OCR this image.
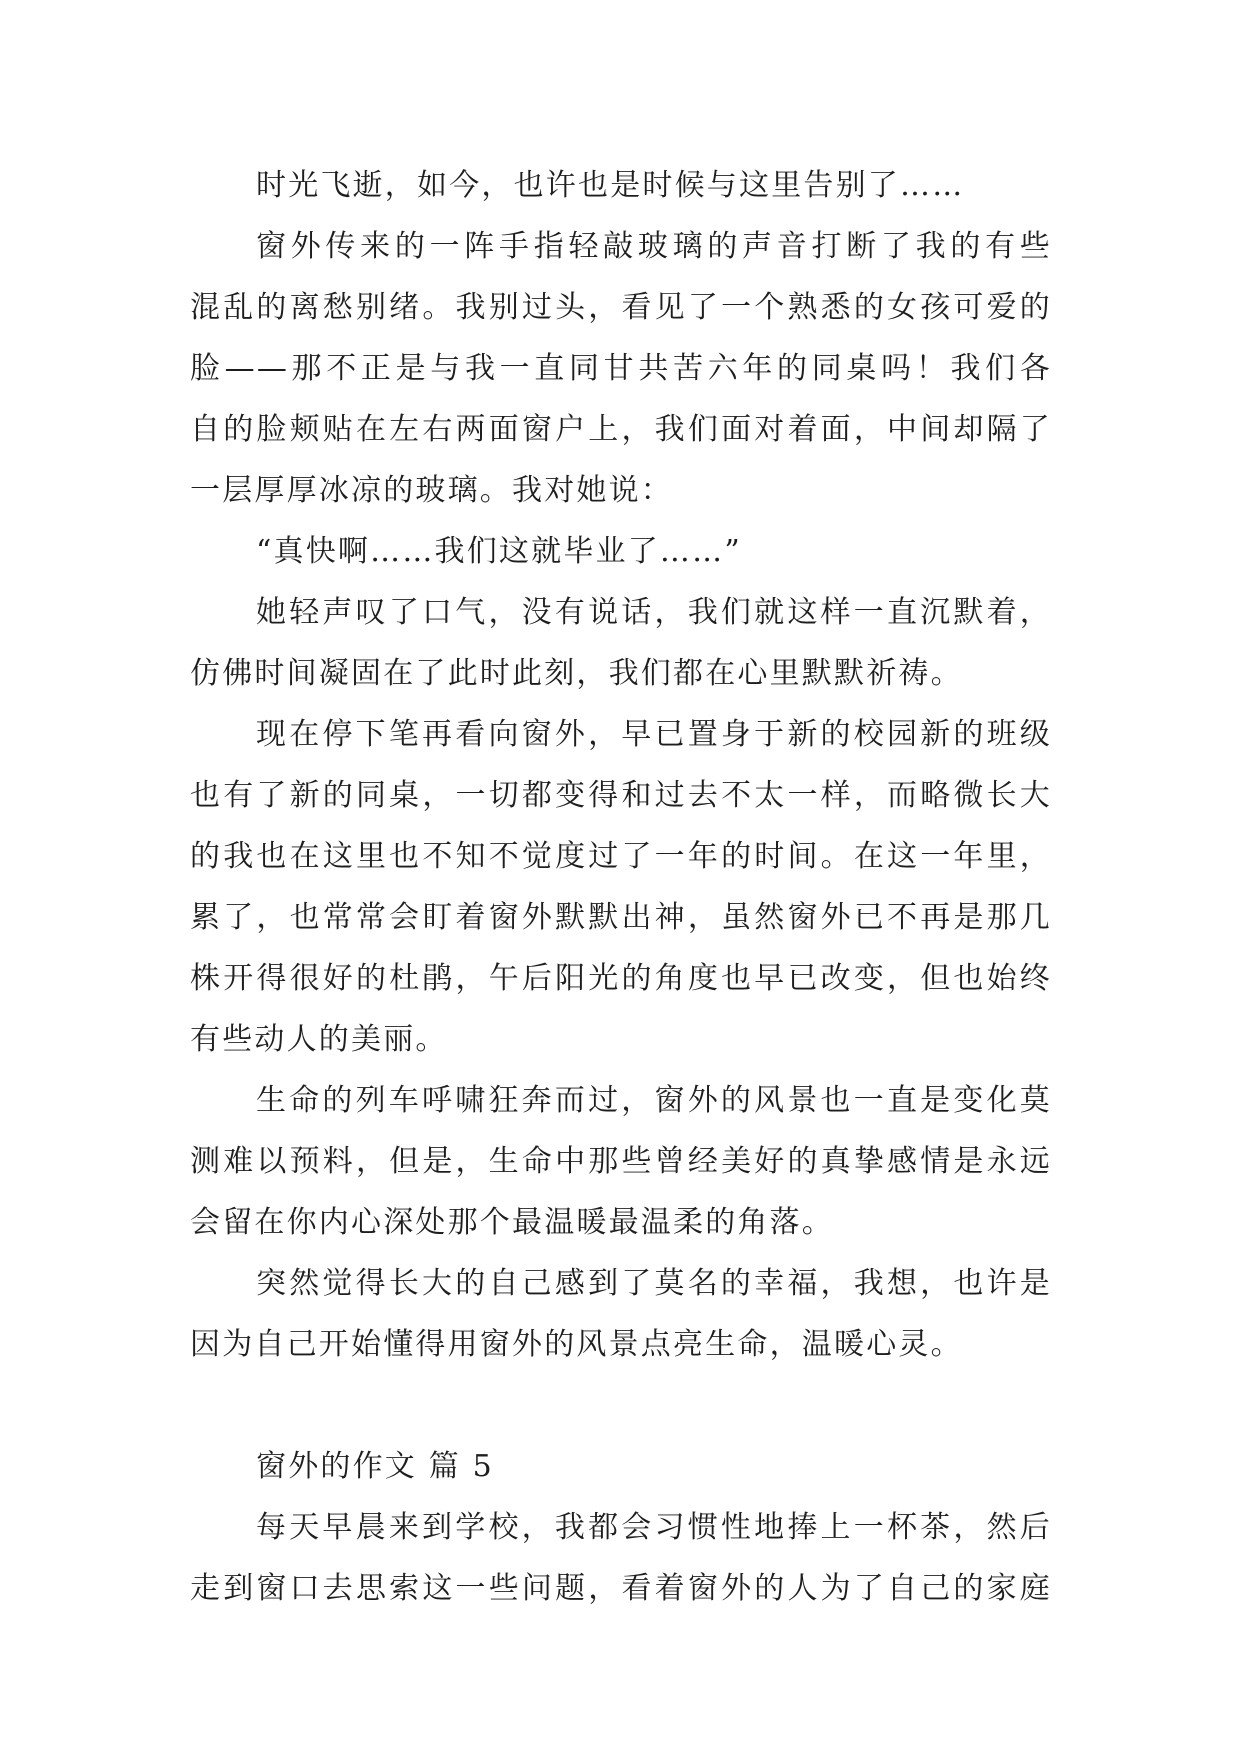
时光飞逝，如今，也许也是时候与这里告别了……

窗外传来的一阵手指轻敲玻璃的声音打断了我的有些
混乱的离愁别绪。我别过头，看见了一个熟悉的女孩可爱的
脸——那不正是与我一直同甘共苦六年的同桌吗！我们各
自的脸颊贴在左右两面窗户上，我们面对着面，中间却隔了
一层厚厚冰凉的玻璃。我对她说：

“真快啊……我们这就毕业了……”

她轻声叹了口气，没有说话，我们就这样一直沉默着，
仿佛时间凝固在了此时此刻，我们都在心里默默祈祷。

现在停下笔再看向窗外，早已置身于新的校园新的班级
也有了新的同桌，一切都变得和过去不太一样，而略微长大
的我也在这里也不知不觉度过了一年的时间。在这一年里，
累了，也常常会盯着窗外默默出神，虽然窗外已不再是那几
株开得很好的杜鹃，午后阳光的角度也早已改变，但也始终
有些动人的美丽。

生命的列车呼啸狂奔而过，窗外的风景也一直是变化莫
测难以预料，但是，生命中那些曾经美好的真挚感情是永远
会留在你内心深处那个最温暖最温柔的角落。

突然觉得长大的自己感到了莫名的幸福，我想，也许是
因为自己开始懂得用窗外的风景点亮生命，温暖心灵。

窗外的作文 篇 5

每天早晨来到学校，我都会习惯性地捧上一杯茶，然后
走到窗口去思索这一些问题，看着窗外的人为了自己的家庭
